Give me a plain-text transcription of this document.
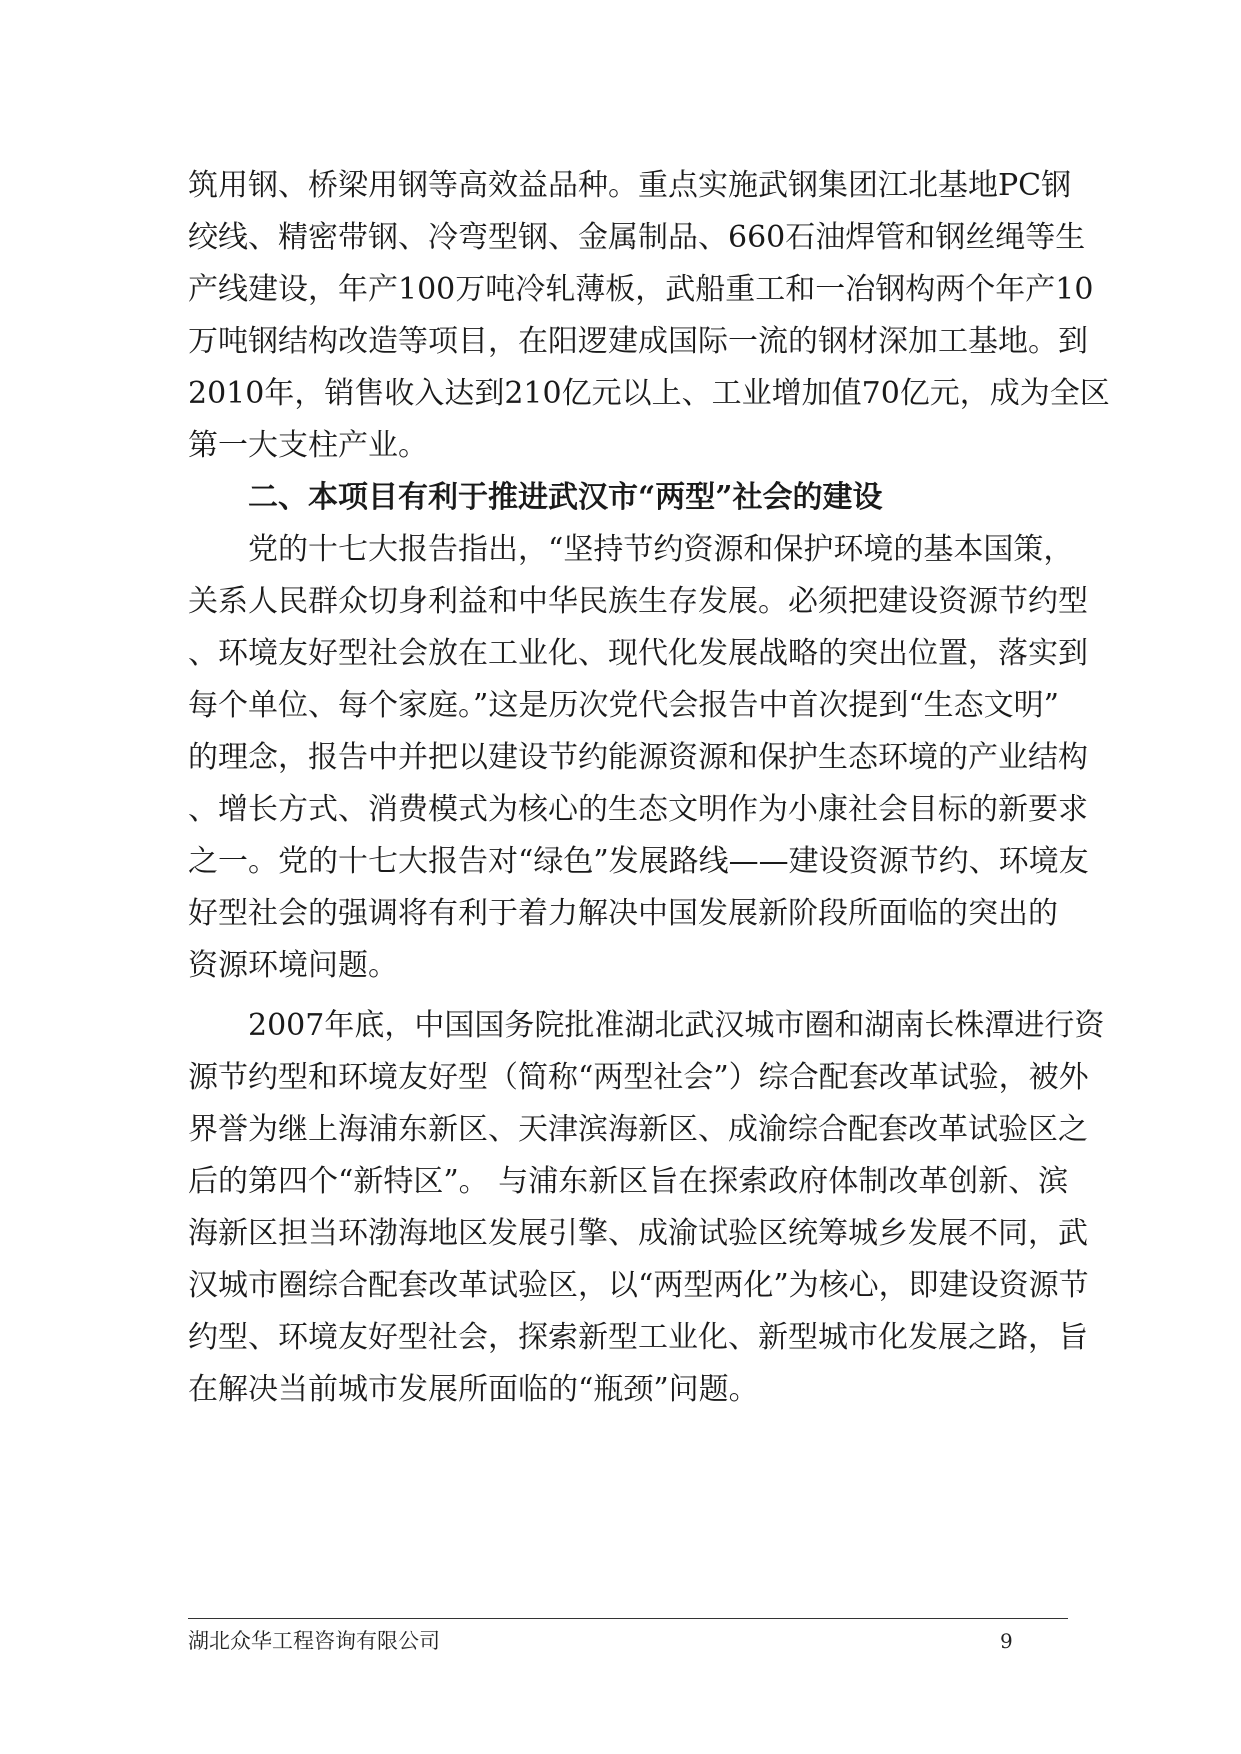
筑用钢、桥梁用钢等高效益品种。重点实施武钢集团江北基地PC钢
绞线、精密带钢、冷弯型钢、金属制品、660石油焊管和钢丝绳等生
产线建设，年产100万吨冷轧薄板，武船重工和一冶钢构两个年产10
万吨钢结构改造等项目，在阳逻建成国际一流的钢材深加工基地。到
2010年，销售收入达到210亿元以上、工业增加值70亿元，成为全区
第一大支柱产业。
二、本项目有利于推进武汉市“两型”社会的建设
党的十七大报告指出，“坚持节约资源和保护环境的基本国策，
关系人民群众切身利益和中华民族生存发展。必须把建设资源节约型
、环境友好型社会放在工业化、现代化发展战略的突出位置，落实到
每个单位、每个家庭。”这是历次党代会报告中首次提到“生态文明”
的理念，报告中并把以建设节约能源资源和保护生态环境的产业结构
、增长方式、消费模式为核心的生态文明作为小康社会目标的新要求
之一。党的十七大报告对“绿色”发展路线——建设资源节约、环境友
好型社会的强调将有利于着力解决中国发展新阶段所面临的突出的
资源环境问题。
2007年底，中国国务院批准湖北武汉城市圈和湖南长株潭进行资
源节约型和环境友好型（简称“两型社会”）综合配套改革试验，被外
界誉为继上海浦东新区、天津滨海新区、成渝综合配套改革试验区之
后的第四个“新特区”。 与浦东新区旨在探索政府体制改革创新、滨
海新区担当环渤海地区发展引擎、成渝试验区统筹城乡发展不同，武
汉城市圈综合配套改革试验区，以“两型两化”为核心，即建设资源节
约型、环境友好型社会，探索新型工业化、新型城市化发展之路，旨
在解决当前城市发展所面临的“瓶颈”问题。
湖北众华工程咨询有限公司	9
